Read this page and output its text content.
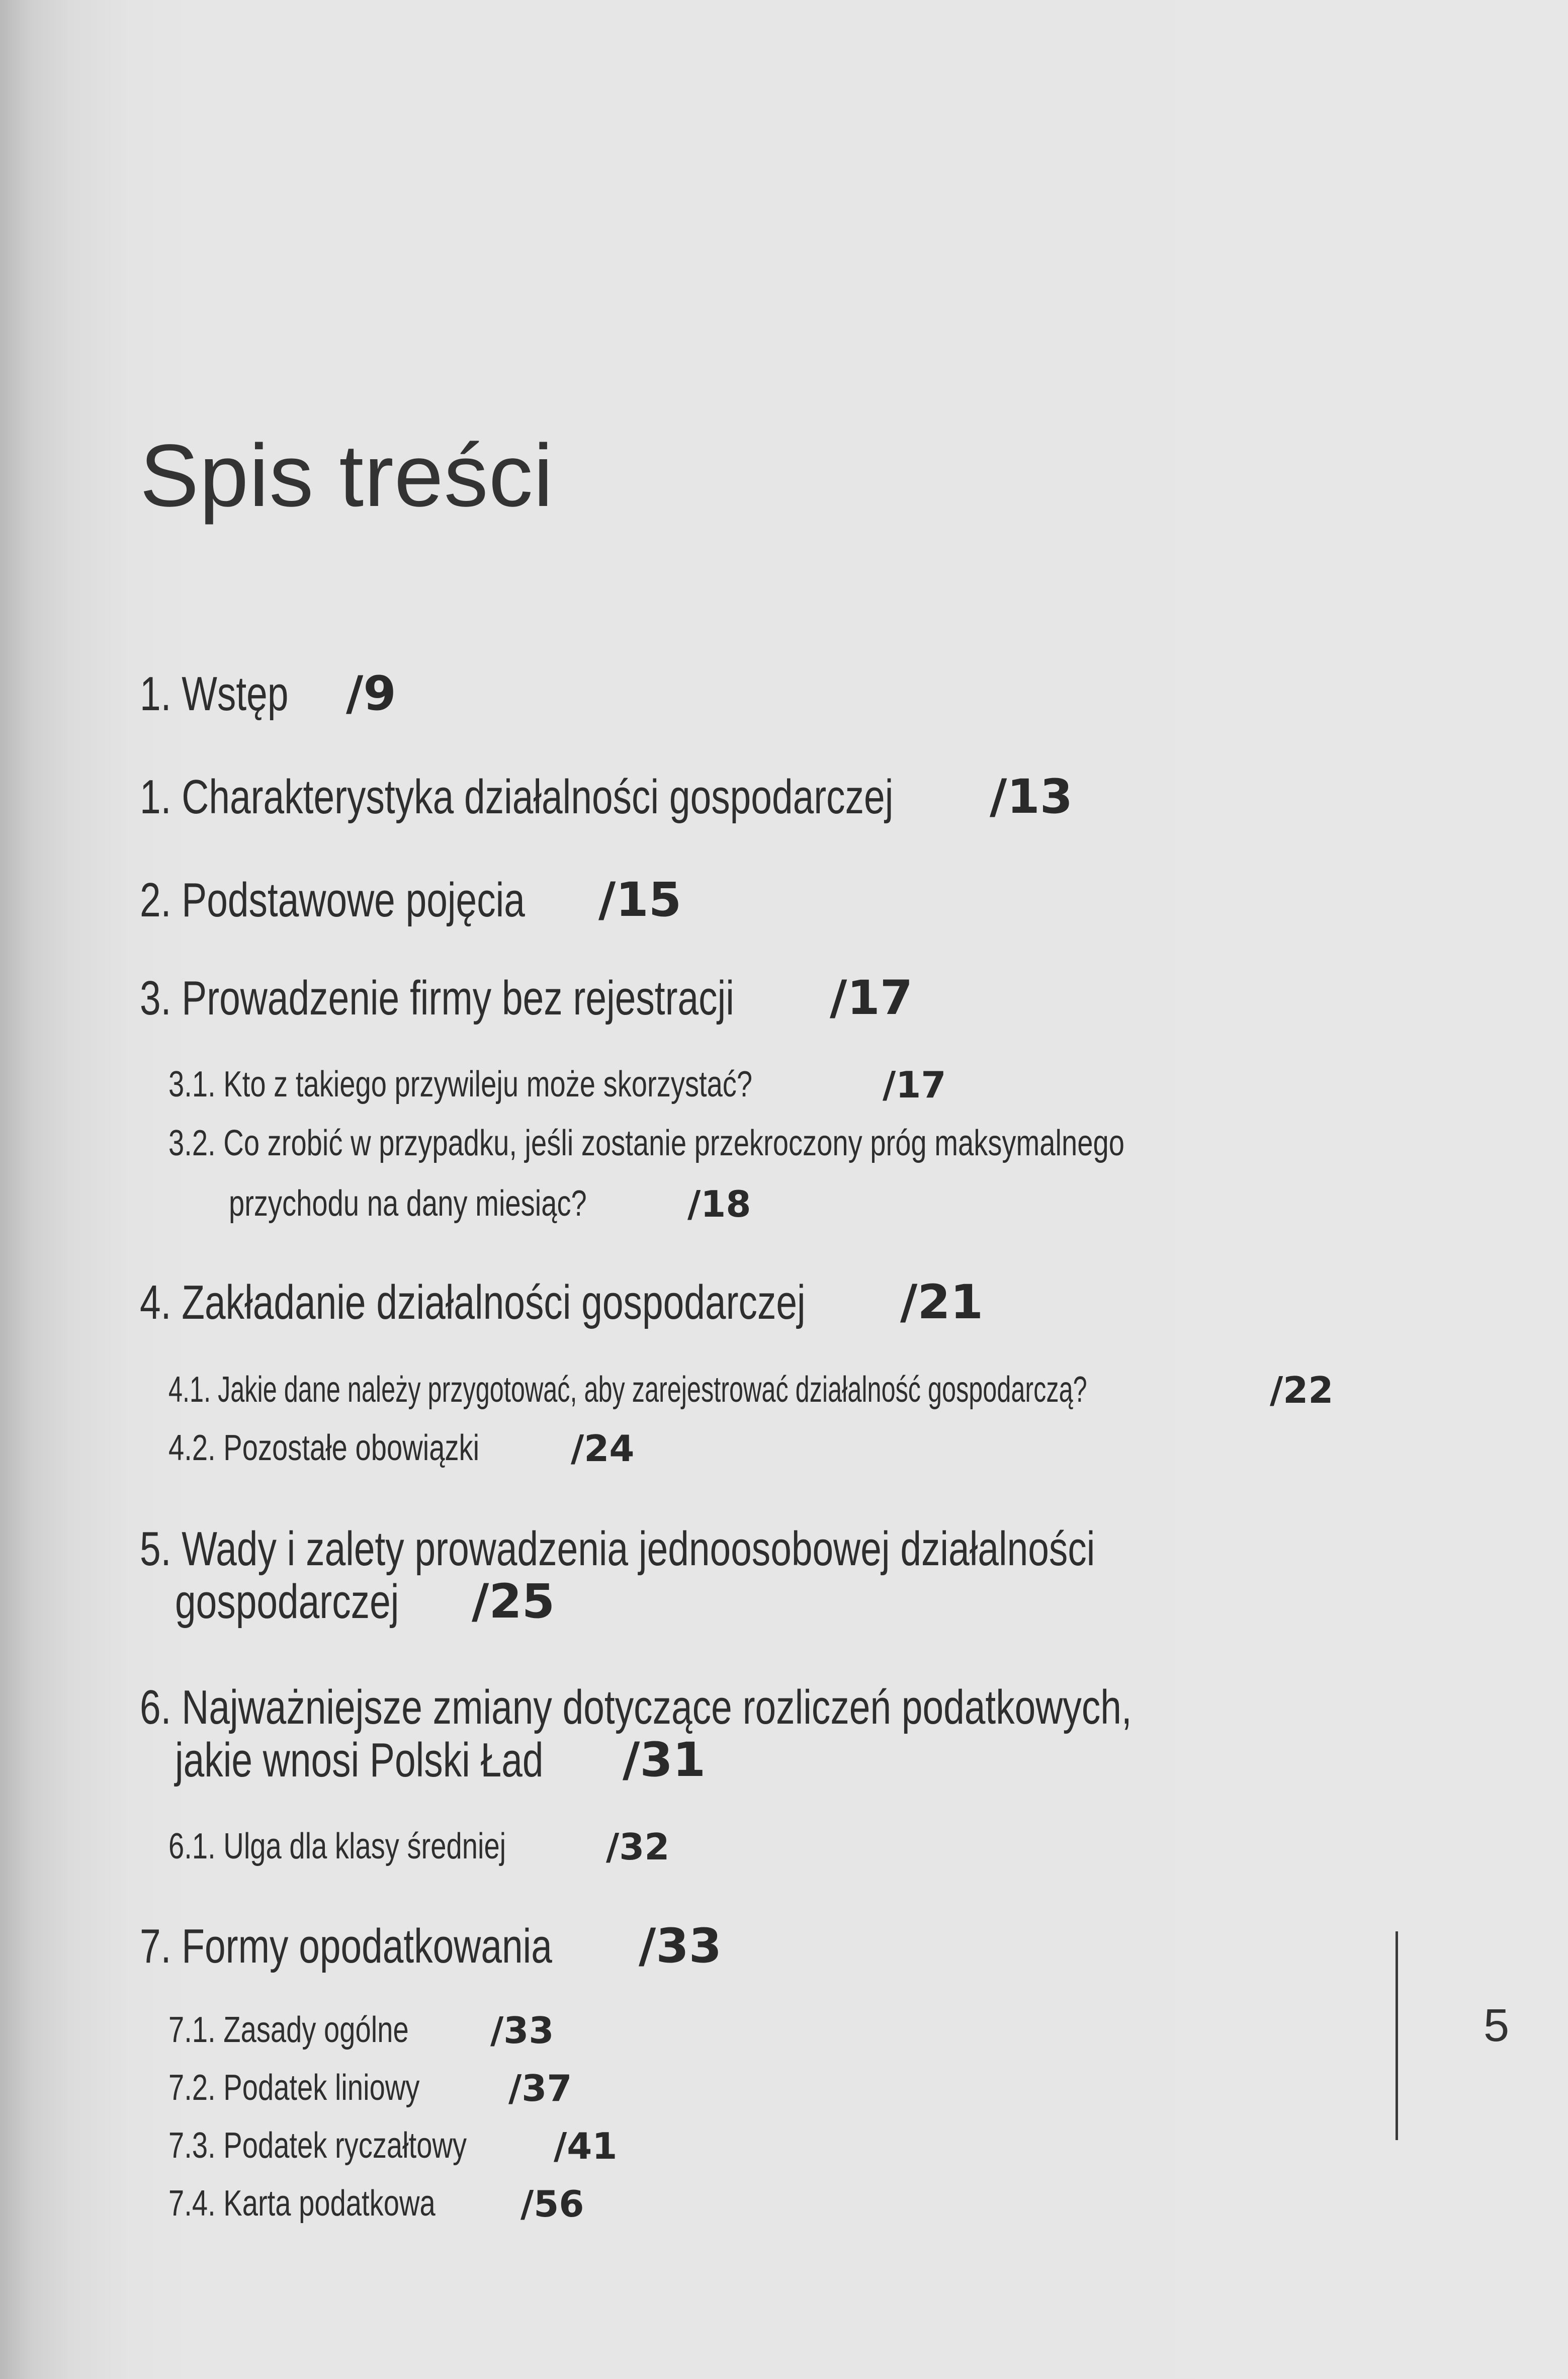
Spis treści
1. Wstęp /9
1. Charakterystyka działalności gospodarczej /13
2. Podstawowe pojęcia /15
3. Prowadzenie firmy bez rejestracji /17
3.1. Kto z takiego przywileju może skorzystać?	/17
3.2. Co zrobić w przypadku, jeśli zostanie przekroczony próg maksymalnego
przychodu na dany miesiąc?	/18
4. Zakładanie działalności gospodarczej /21
4.1. Jakie dane należy przygotować, aby zarejestrować działalność gospodarczą?	/22
4.2. Pozostałe obowiązki	/24
5. Wady i zalety prowadzenia jednoosobowej działalności
gospodarczej /25
6. Najważniejsze zmiany dotyczące rozliczeń podatkowych,
jakie wnosi Polski Ład /31
6.1. Ulga dla klasy średniej	/32
7. Formy opodatkowania /33
7.1. Zasady ogólne /33
7.2. Podatek liniowy /37
7.3. Podatek ryczałtowy /41
7.4. Karta podatkowa /56
5
